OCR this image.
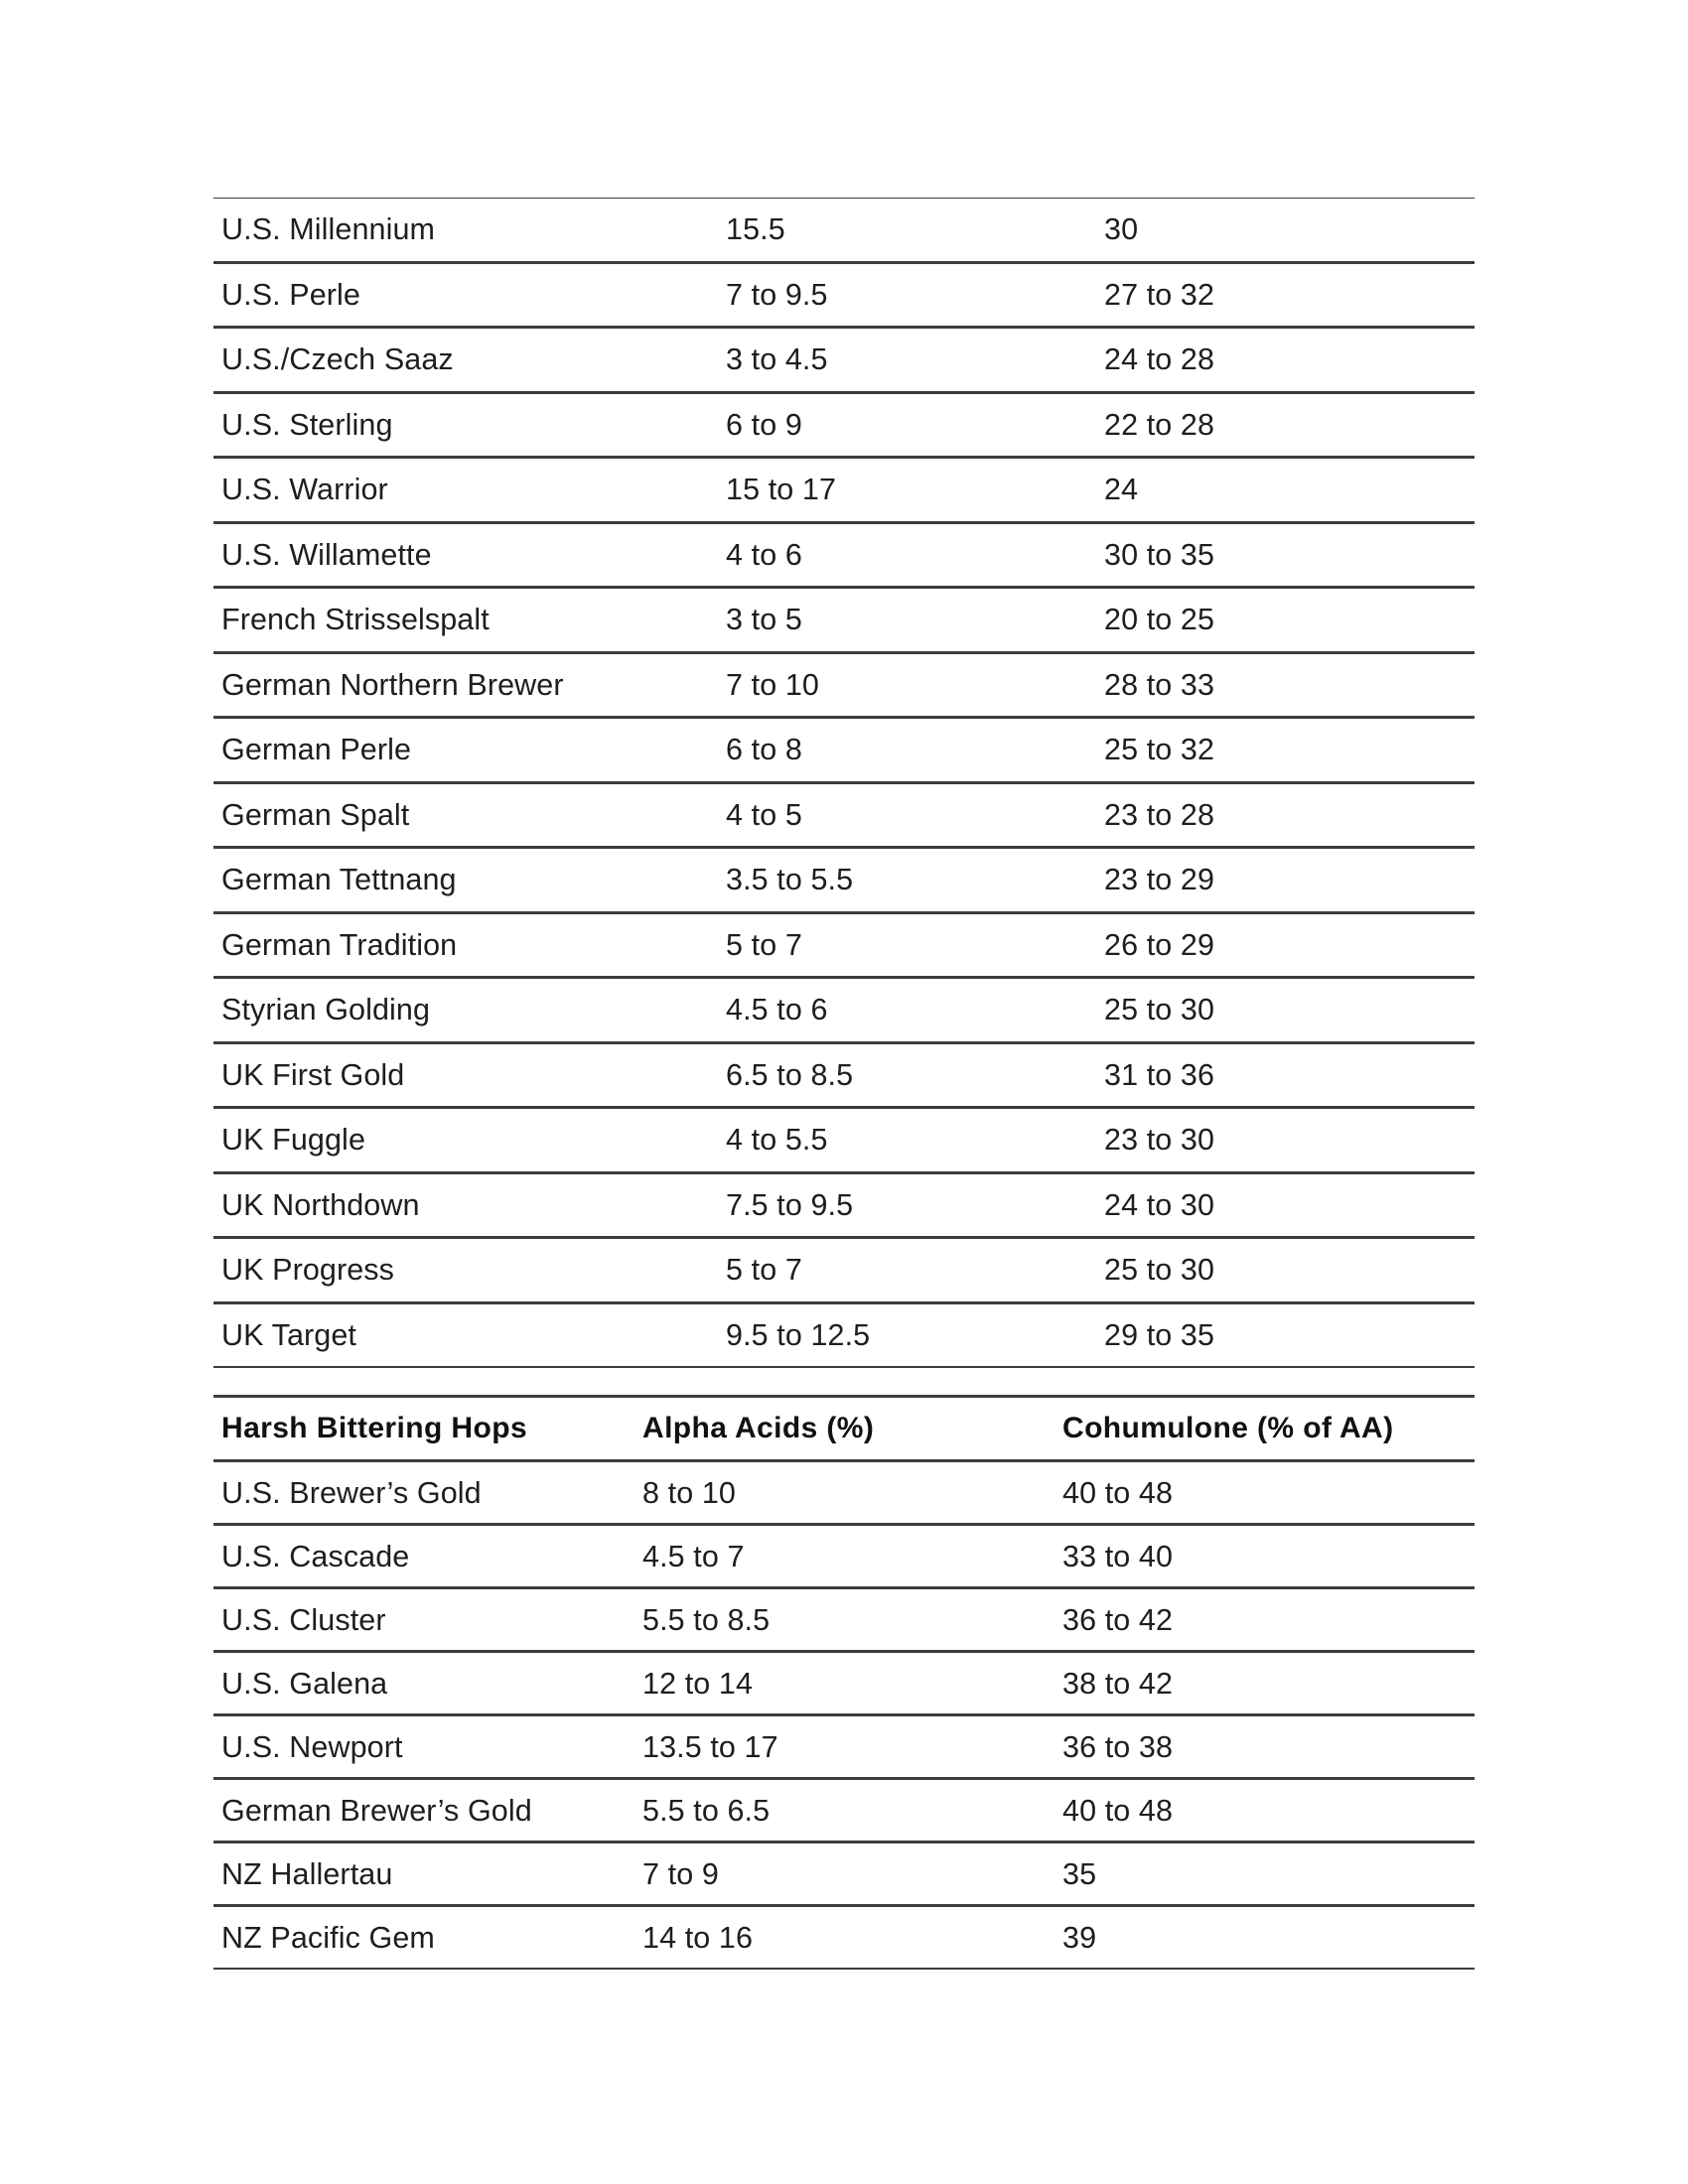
U.S. Millennium	15.5	30
U.S. Perle	7 to 9.5	27 to 32
U.S./Czech Saaz	3 to 4.5	24 to 28
U.S. Sterling	6 to 9	22 to 28
U.S. Warrior	15 to 17	24
U.S. Willamette	4 to 6	30 to 35
French Strisselspalt	3 to 5	20 to 25
German Northern Brewer	7 to 10	28 to 33
German Perle	6 to 8	25 to 32
German Spalt	4 to 5	23 to 28
German Tettnang	3.5 to 5.5	23 to 29
German Tradition	5 to 7	26 to 29
Styrian Golding	4.5 to 6	25 to 30
UK First Gold	6.5 to 8.5	31 to 36
UK Fuggle	4 to 5.5	23 to 30
UK Northdown	7.5 to 9.5	24 to 30
UK Progress	5 to 7	25 to 30
UK Target	9.5 to 12.5	29 to 35
Harsh Bittering Hops	Alpha Acids (%)	Cohumulone (% of AA)
U.S. Brewer’s Gold	8 to 10	40 to 48
U.S. Cascade	4.5 to 7	33 to 40
U.S. Cluster	5.5 to 8.5	36 to 42
U.S. Galena	12 to 14	38 to 42
U.S. Newport	13.5 to 17	36 to 38
German Brewer’s Gold	5.5 to 6.5	40 to 48
NZ Hallertau	7 to 9	35
NZ Pacific Gem	14 to 16	39
